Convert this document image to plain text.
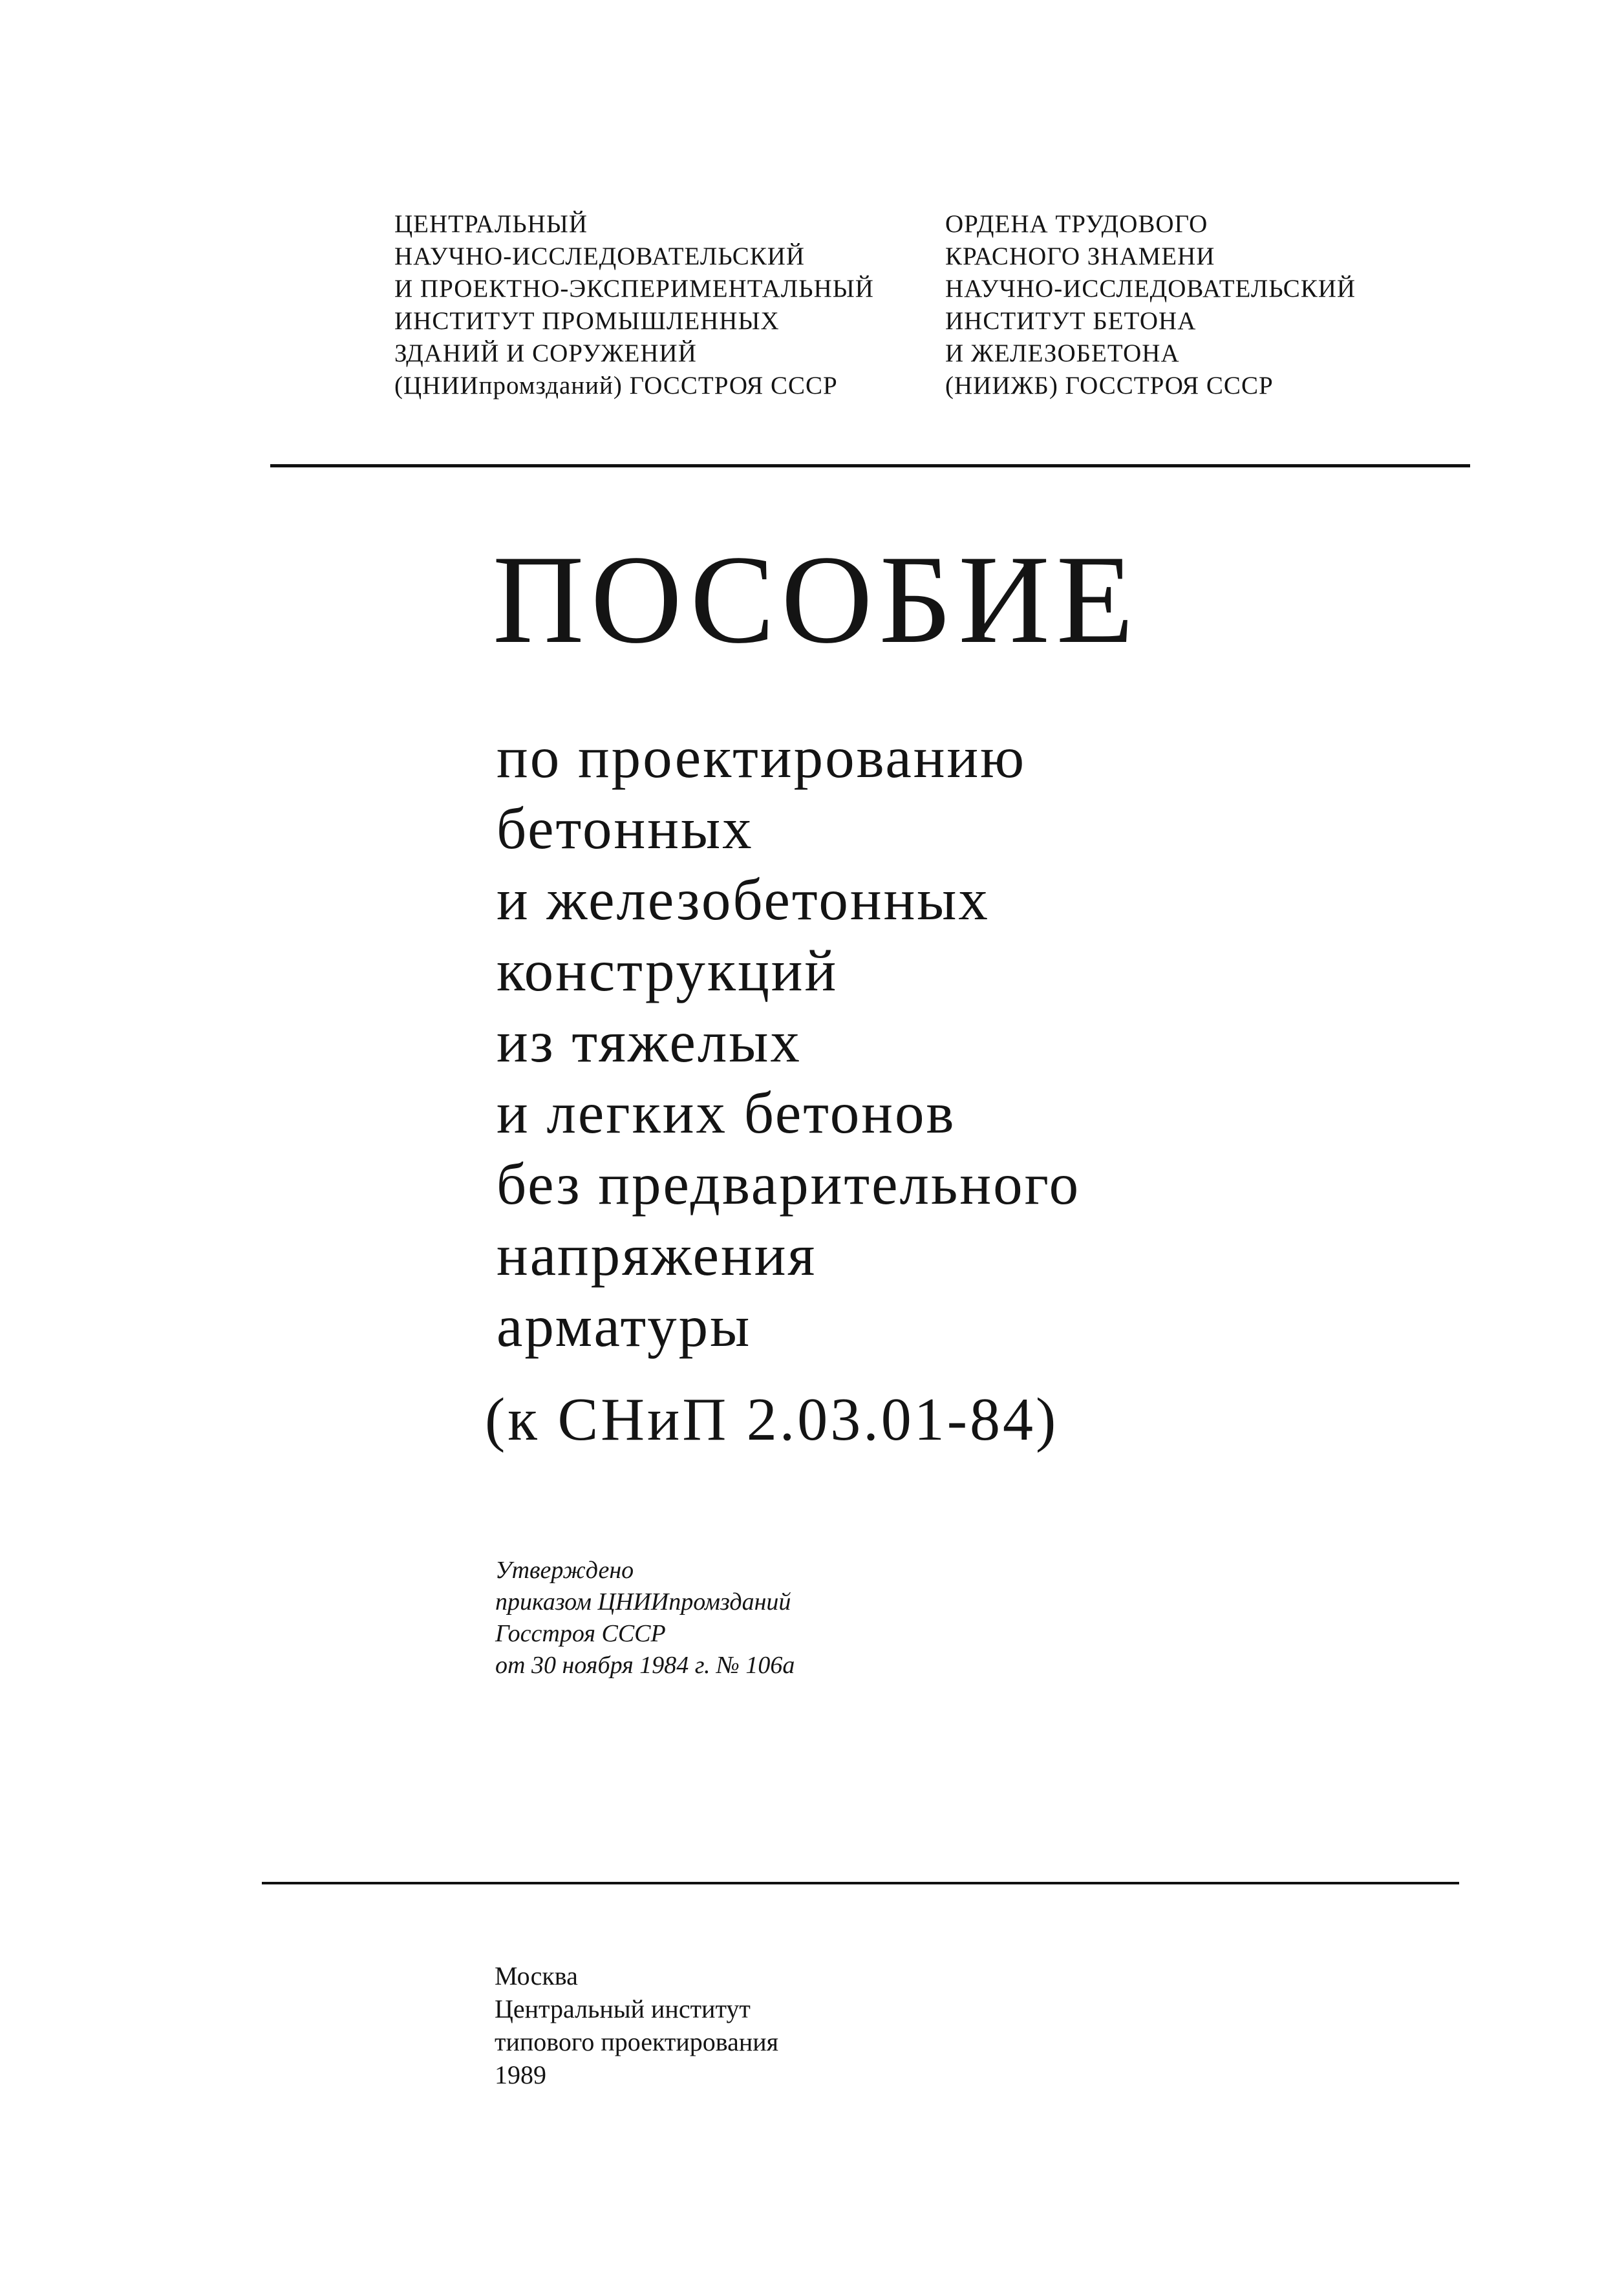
ЦЕНТРАЛЬНЫЙ
НАУЧНО-ИССЛЕДОВАТЕЛЬСКИЙ
И ПРОЕКТНО-ЭКСПЕРИМЕНТАЛЬНЫЙ
ИНСТИТУТ ПРОМЫШЛЕННЫХ
ЗДАНИЙ И СОРУЖЕНИЙ
(ЦНИИпромзданий) ГОССТРОЯ СССР
ОРДЕНА ТРУДОВОГО
КРАСНОГО ЗНАМЕНИ
НАУЧНО-ИССЛЕДОВАТЕЛЬСКИЙ
ИНСТИТУТ БЕТОНА
И ЖЕЛЕЗОБЕТОНА
(НИИЖБ) ГОССТРОЯ СССР
ПОСОБИЕ
по проектированию
бетонных
и железобетонных
конструкций
из тяжелых
и легких бетонов
без предварительного
напряжения
арматуры
(к СНиП 2.03.01-84)
Утверждено
приказом ЦНИИпромзданий
Госстроя СССР
от 30 ноября 1984 г. № 106а
Москва
Центральный институт
типового проектирования
1989
